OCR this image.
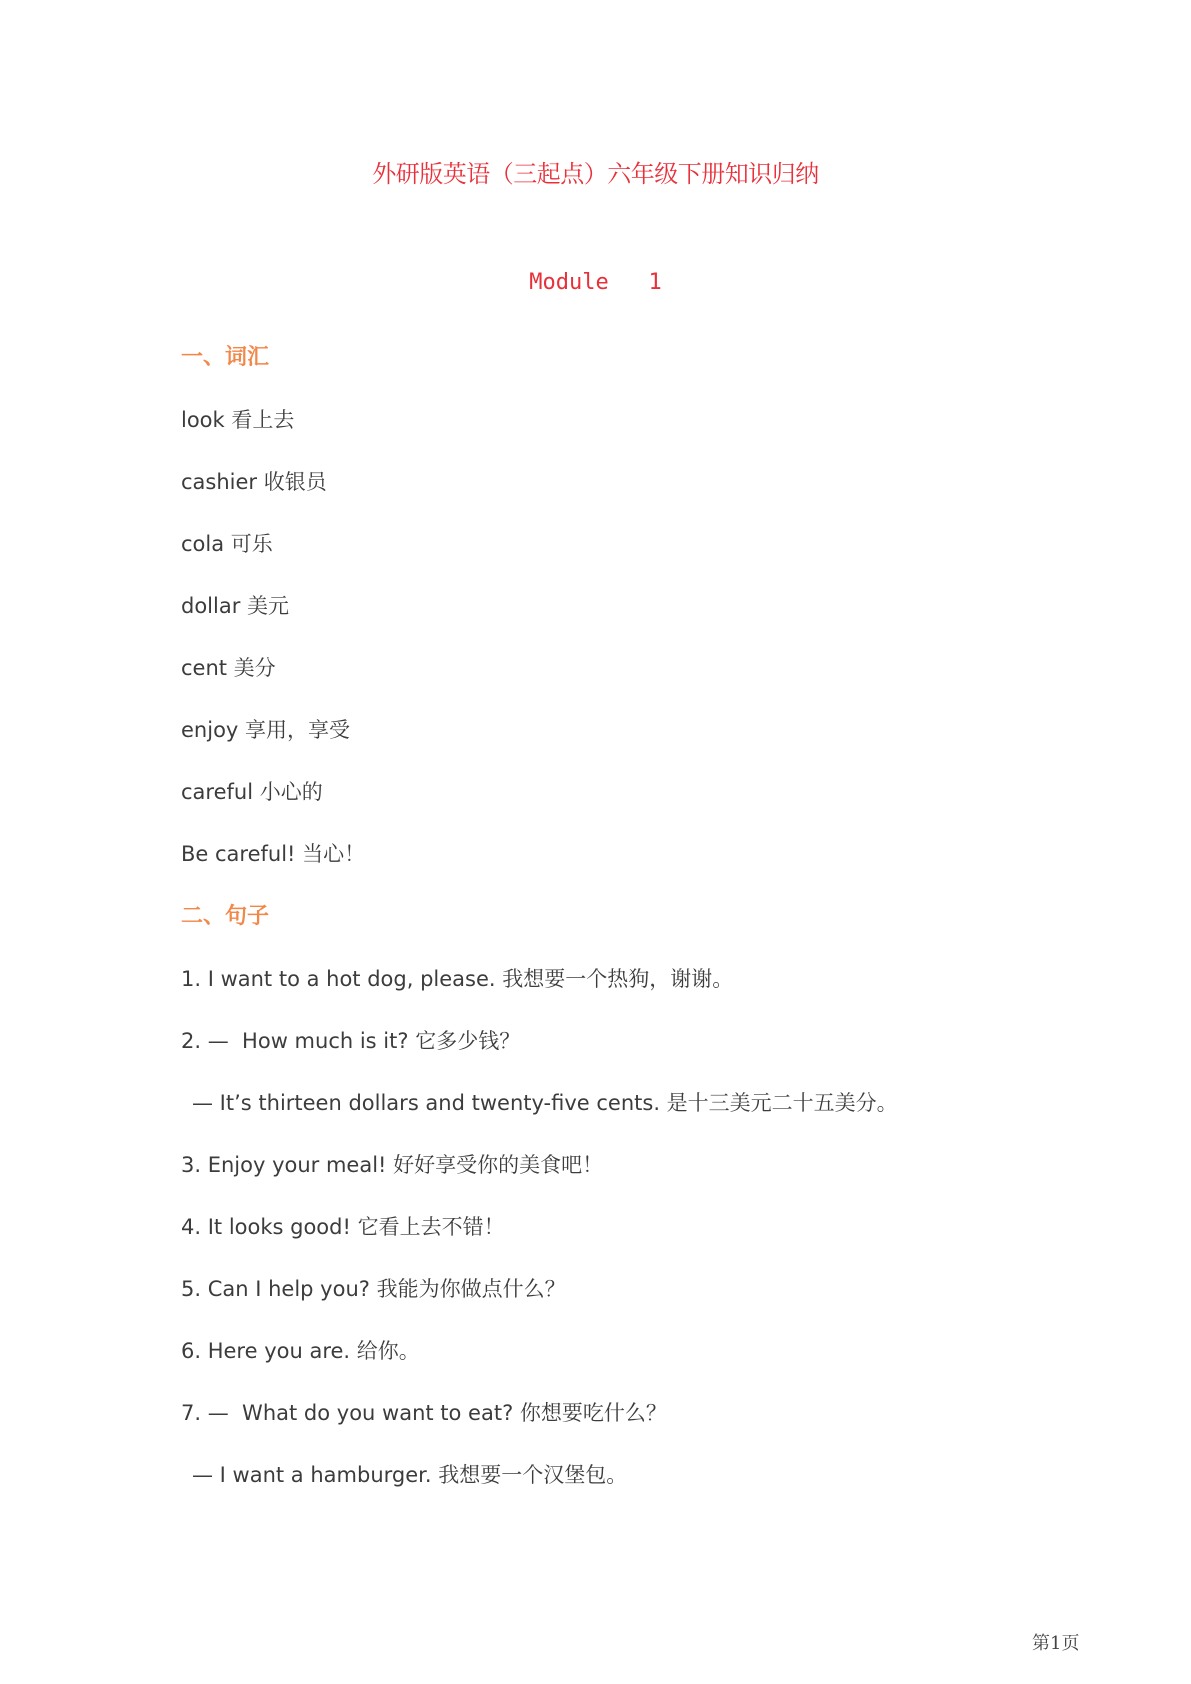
外研版英语（三起点）六年级下册知识归纳
Module   1
一、词汇
look 看上去
cashier 收银员
cola 可乐
dollar 美元
cent 美分
enjoy 享用，享受
careful 小心的
Be careful! 当心！
二、句子
1. I want to a hot dog, please. 我想要一个热狗，谢谢。
2. —  How much is it? 它多少钱？
— It’s thirteen dollars and twenty-five cents. 是十三美元二十五美分。
3. Enjoy your meal! 好好享受你的美食吧！
4. It looks good! 它看上去不错！
5. Can I help you? 我能为你做点什么？
6. Here you are. 给你。
7. —  What do you want to eat? 你想要吃什么？
— I want a hamburger. 我想要一个汉堡包。
第1页
